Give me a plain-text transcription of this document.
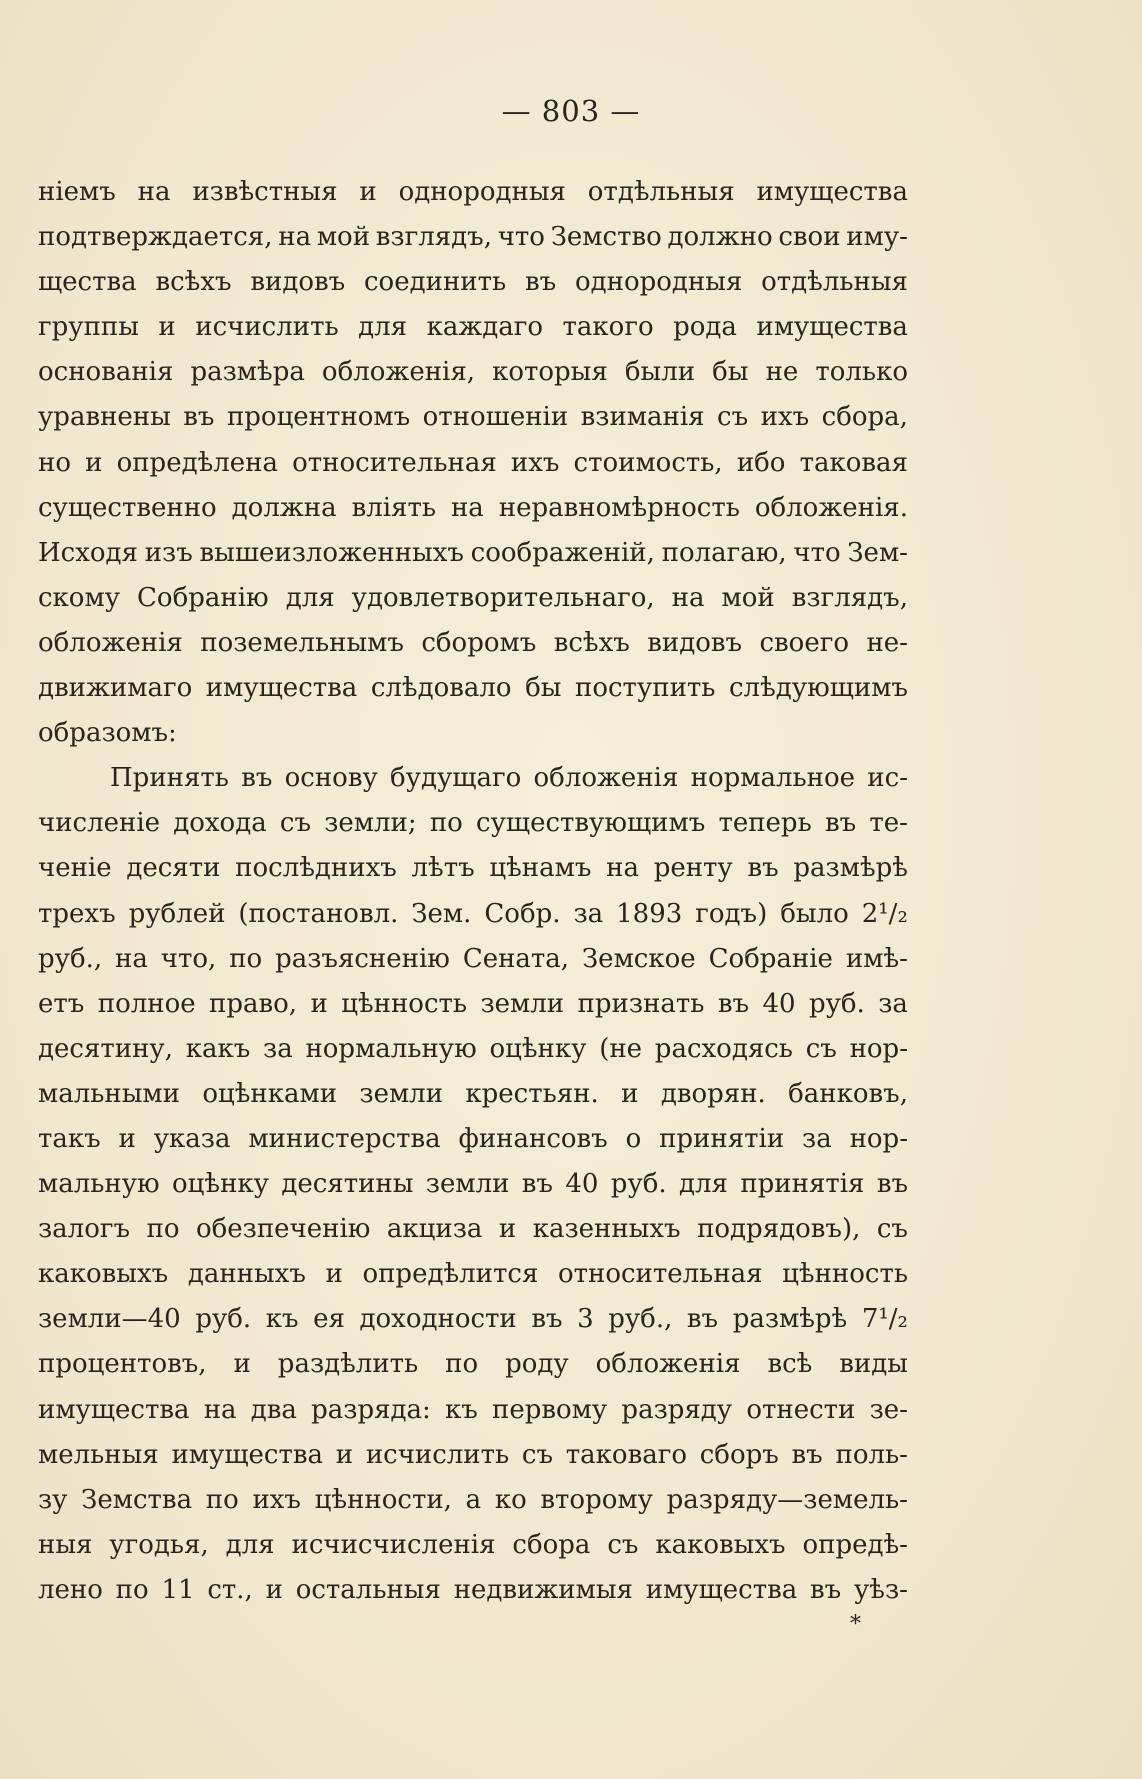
— 803 —
ніемъ на извѣстныя и однородныя отдѣльныя имущества
подтверждается, на мой взглядъ, что Земство должно свои иму-
щества всѣхъ видовъ соединить въ однородныя отдѣльныя
группы и исчислить для каждаго такого рода имущества
основанія размѣра обложенія, которыя были бы не только
уравнены въ процентномъ отношеніи взиманія съ ихъ сбора,
но и опредѣлена относительная ихъ стоимость, ибо таковая
существенно должна вліять на неравномѣрность обложенія.
Исходя изъ вышеизложенныхъ соображеній, полагаю, что Зем-
скому Собранію для удовлетворительнаго, на мой взглядъ,
обложенія поземельнымъ сборомъ всѣхъ видовъ своего не-
движимаго имущества слѣдовало бы поступить слѣдующимъ
образомъ:
Принять въ основу будущаго обложенія нормальное ис-
численіе дохода съ земли; по существующимъ теперь въ те-
ченіе десяти послѣднихъ лѣтъ цѣнамъ на ренту въ размѣрѣ
трехъ рублей (постановл. Зем. Собр. за 1893 годъ) было 2¹/₂
руб., на что, по разъясненію Сената, Земское Собраніе имѣ-
етъ полное право, и цѣнность земли признать въ 40 руб. за
десятину, какъ за нормальную оцѣнку (не расходясь съ нор-
мальными оцѣнками земли крестьян. и дворян. банковъ,
такъ и указа министерства финансовъ о принятіи за нор-
мальную оцѣнку десятины земли въ 40 руб. для принятія въ
залогъ по обезпеченію акциза и казенныхъ подрядовъ), съ
каковыхъ данныхъ и опредѣлится относительная цѣнность
земли—40 руб. къ ея доходности въ 3 руб., въ размѣрѣ 7¹/₂
процентовъ, и раздѣлить по роду обложенія всѣ виды
имущества на два разряда: къ первому разряду отнести зе-
мельныя имущества и исчислить съ таковаго сборъ въ поль-
зу Земства по ихъ цѣнности, а ко второму разряду—земель-
ныя угодья, для исчисчисленія сбора съ каковыхъ опредѣ-
лено по 11 ст., и остальныя недвижимыя имущества въ уѣз-
*
